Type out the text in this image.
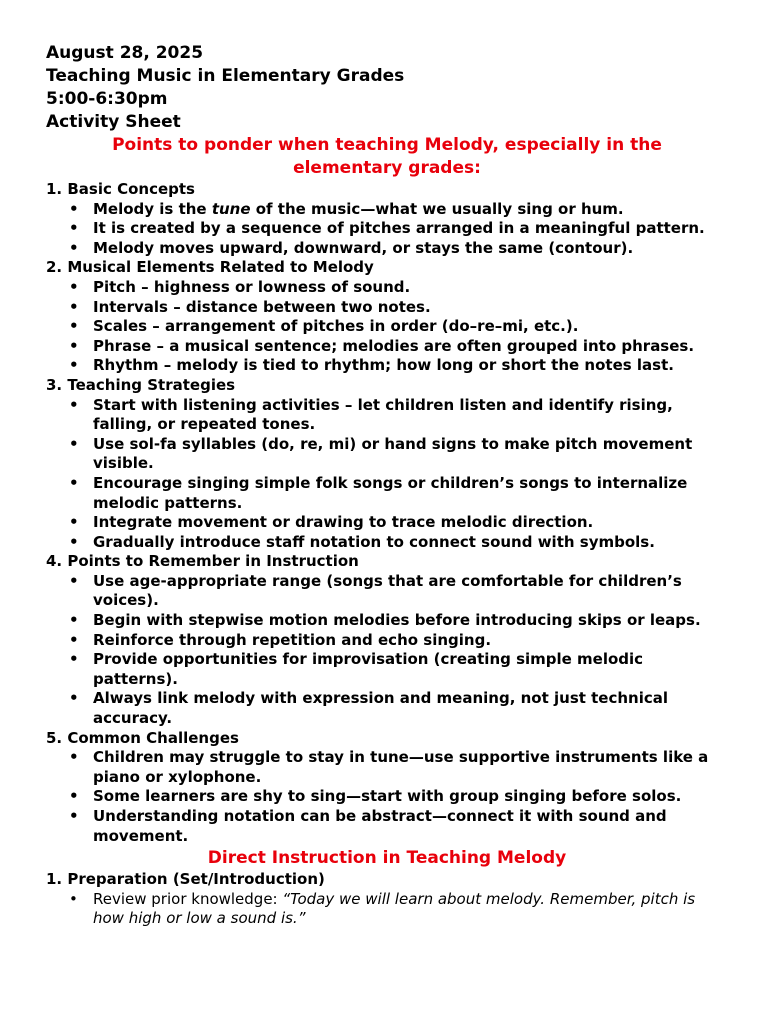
August 28, 2025
Teaching Music in Elementary Grades
5:00-6:30pm
Activity Sheet
Points to ponder when teaching Melody, especially in the
elementary grades:
1. Basic Concepts
• Melody is the tune of the music—what we usually sing or hum.
• It is created by a sequence of pitches arranged in a meaningful pattern.
• Melody moves upward, downward, or stays the same (contour).
2. Musical Elements Related to Melody
• Pitch – highness or lowness of sound.
• Intervals – distance between two notes.
• Scales – arrangement of pitches in order (do–re–mi, etc.).
• Phrase – a musical sentence; melodies are often grouped into phrases.
• Rhythm – melody is tied to rhythm; how long or short the notes last.
3. Teaching Strategies
• Start with listening activities – let children listen and identify rising, falling, or repeated tones.
• Use sol-fa syllables (do, re, mi) or hand signs to make pitch movement visible.
• Encourage singing simple folk songs or children’s songs to internalize melodic patterns.
• Integrate movement or drawing to trace melodic direction.
• Gradually introduce staff notation to connect sound with symbols.
4. Points to Remember in Instruction
• Use age-appropriate range (songs that are comfortable for children’s voices).
• Begin with stepwise motion melodies before introducing skips or leaps.
• Reinforce through repetition and echo singing.
• Provide opportunities for improvisation (creating simple melodic patterns).
• Always link melody with expression and meaning, not just technical accuracy.
5. Common Challenges
• Children may struggle to stay in tune—use supportive instruments like a piano or xylophone.
• Some learners are shy to sing—start with group singing before solos.
• Understanding notation can be abstract—connect it with sound and movement.
Direct Instruction in Teaching Melody
1. Preparation (Set/Introduction)
• Review prior knowledge: “Today we will learn about melody. Remember, pitch is how high or low a sound is.”
